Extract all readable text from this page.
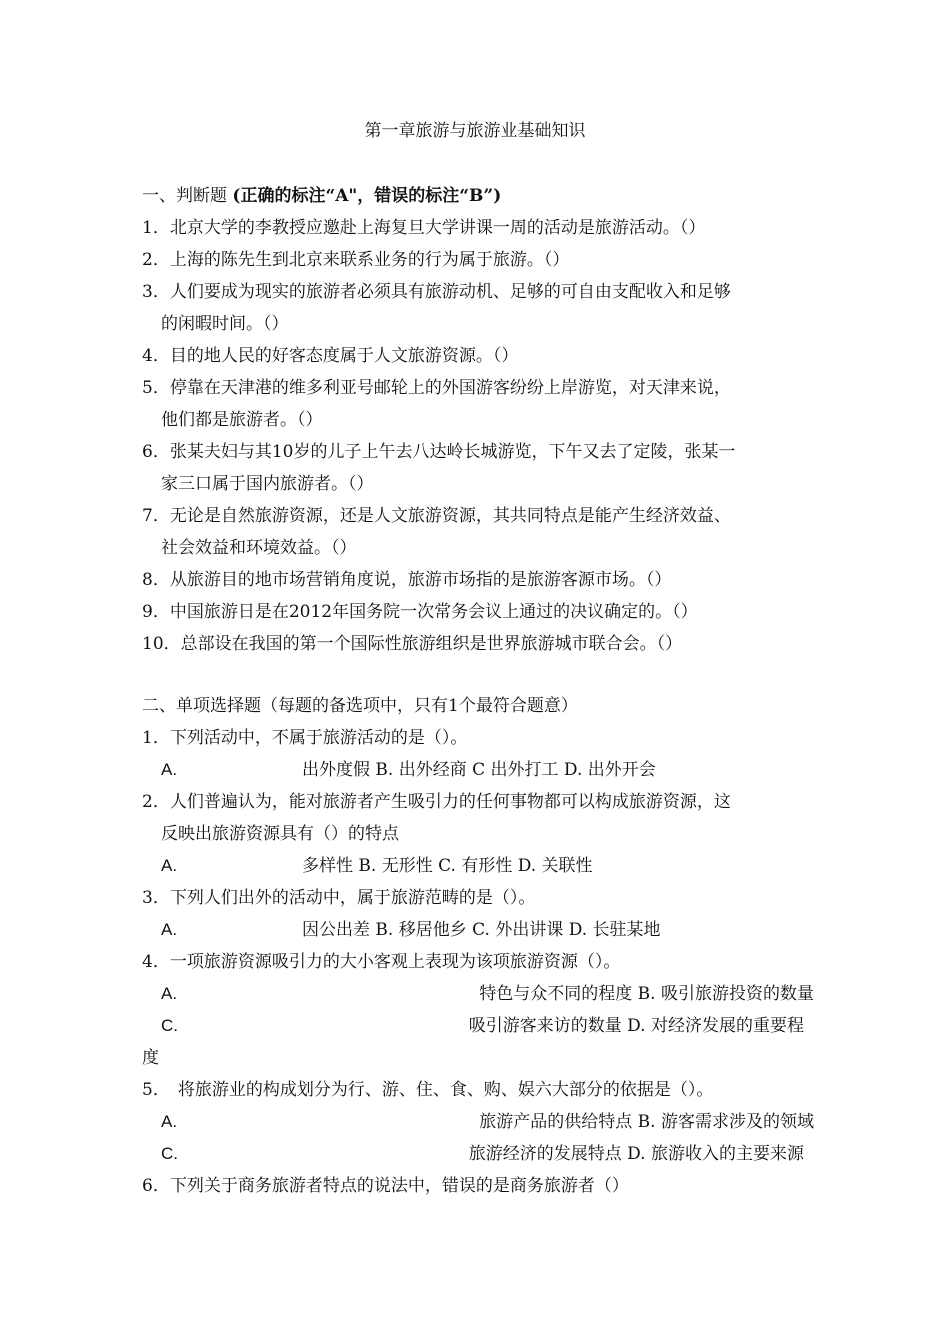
第一章旅游与旅游业基础知识
一、判断题 (正确的标注“A"，错误的标注“B”)
1．北京大学的李教授应邀赴上海复旦大学讲课一周的活动是旅游活动。（）
2．上海的陈先生到北京来联系业务的行为属于旅游。（）
3．人们要成为现实的旅游者必须具有旅游动机、足够的可自由支配收入和足够
的闲暇时间。（）
4．目的地人民的好客态度属于人文旅游资源。（）
5．停靠在天津港的维多利亚号邮轮上的外国游客纷纷上岸游览，对天津来说，
他们都是旅游者。（）
6．张某夫妇与其10岁的儿子上午去八达岭长城游览，下午又去了定陵，张某一
家三口属于国内旅游者。（）
7．无论是自然旅游资源，还是人文旅游资源，其共同特点是能产生经济效益、
社会效益和环境效益。（）
8．从旅游目的地市场营销角度说，旅游市场指的是旅游客源市场。（）
9．中国旅游日是在2012年国务院一次常务会议上通过的决议确定的。（）
10．总部设在我国的第一个国际性旅游组织是世界旅游城市联合会。（）
二、单项选择题（每题的备选项中，只有1个最符合题意）
1．下列活动中，不属于旅游活动的是（）。
A.	出外度假 B. 出外经商 C 出外打工 D. 出外开会
2．人们普遍认为，能对旅游者产生吸引力的任何事物都可以构成旅游资源，这
反映出旅游资源具有（）的特点
A.	多样性 B. 无形性 C. 有形性 D. 关联性
3．下列人们出外的活动中，属于旅游范畴的是（）。
A.	因公出差 B. 移居他乡 C. 外出讲课 D. 长驻某地
4．一项旅游资源吸引力的大小客观上表现为该项旅游资源（）。
A.	特色与众不同的程度 B. 吸引旅游投资的数量
C.	吸引游客来访的数量 D. 对经济发展的重要程
度
5． 将旅游业的构成划分为行、游、住、食、购、娱六大部分的依据是（）。
A.	旅游产品的供给特点 B. 游客需求涉及的领域
C.	旅游经济的发展特点 D. 旅游收入的主要来源
6．下列关于商务旅游者特点的说法中，错误的是商务旅游者（）
